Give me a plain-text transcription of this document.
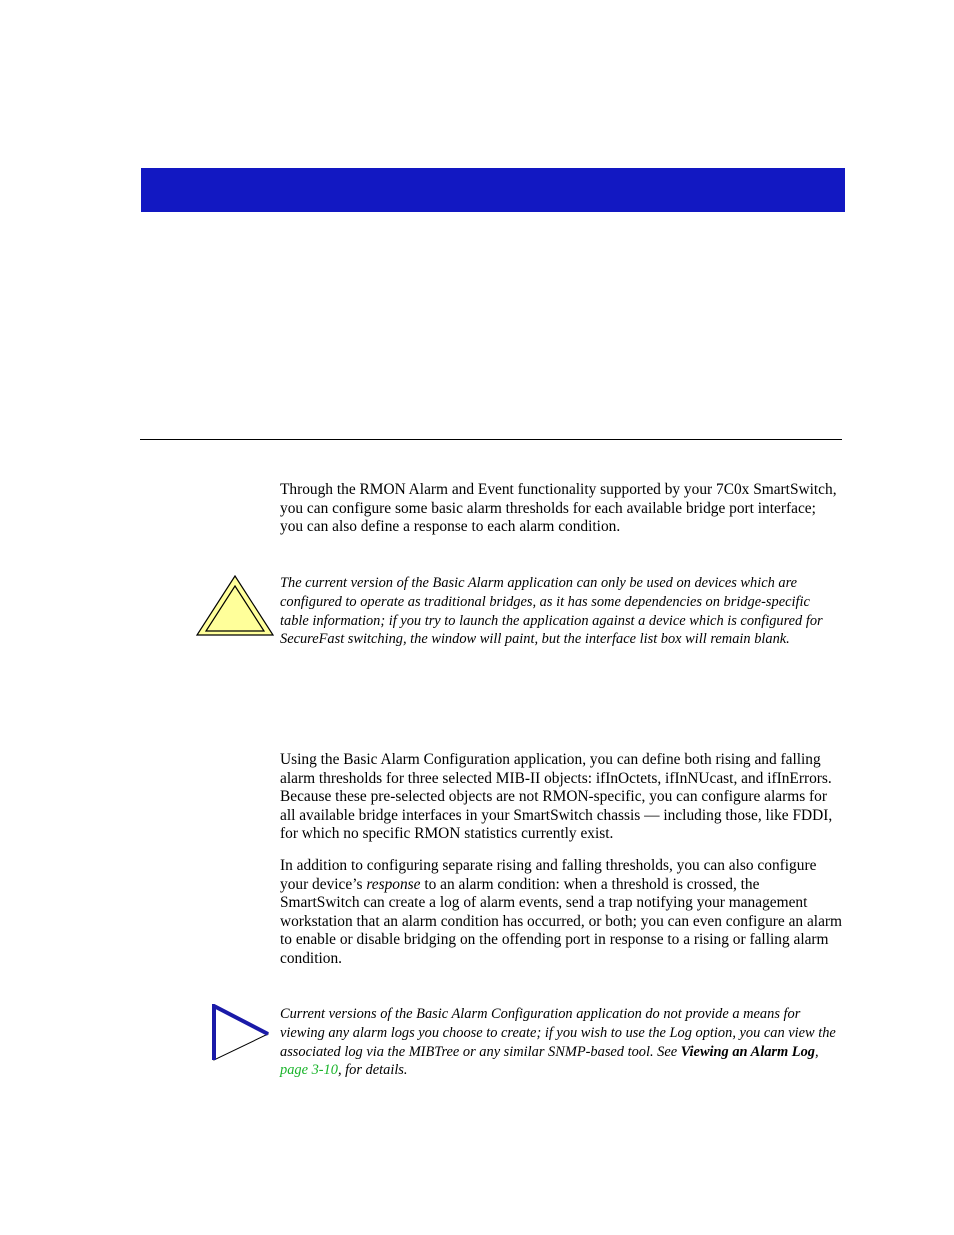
Through the RMON Alarm and Event functionality supported by your 7C0x SmartSwitch, you can configure some basic alarm thresholds for each available bridge port interface; you can also define a response to each alarm condition.

The current version of the Basic Alarm application can only be used on devices which are configured to operate as traditional bridges, as it has some dependencies on bridge-specific table information; if you try to launch the application against a device which is configured for SecureFast switching, the window will paint, but the interface list box will remain blank.

Using the Basic Alarm Configuration application, you can define both rising and falling alarm thresholds for three selected MIB-II objects: ifInOctets, ifInNUcast, and ifInErrors. Because these pre-selected objects are not RMON-specific, you can configure alarms for all available bridge interfaces in your SmartSwitch chassis — including those, like FDDI, for which no specific RMON statistics currently exist.

In addition to configuring separate rising and falling thresholds, you can also configure your device’s response to an alarm condition: when a threshold is crossed, the SmartSwitch can create a log of alarm events, send a trap notifying your management workstation that an alarm condition has occurred, or both; you can even configure an alarm to enable or disable bridging on the offending port in response to a rising or falling alarm condition.

Current versions of the Basic Alarm Configuration application do not provide a means for viewing any alarm logs you choose to create; if you wish to use the Log option, you can view the associated log via the MIBTree or any similar SNMP-based tool. See Viewing an Alarm Log, page 3-10, for details.
